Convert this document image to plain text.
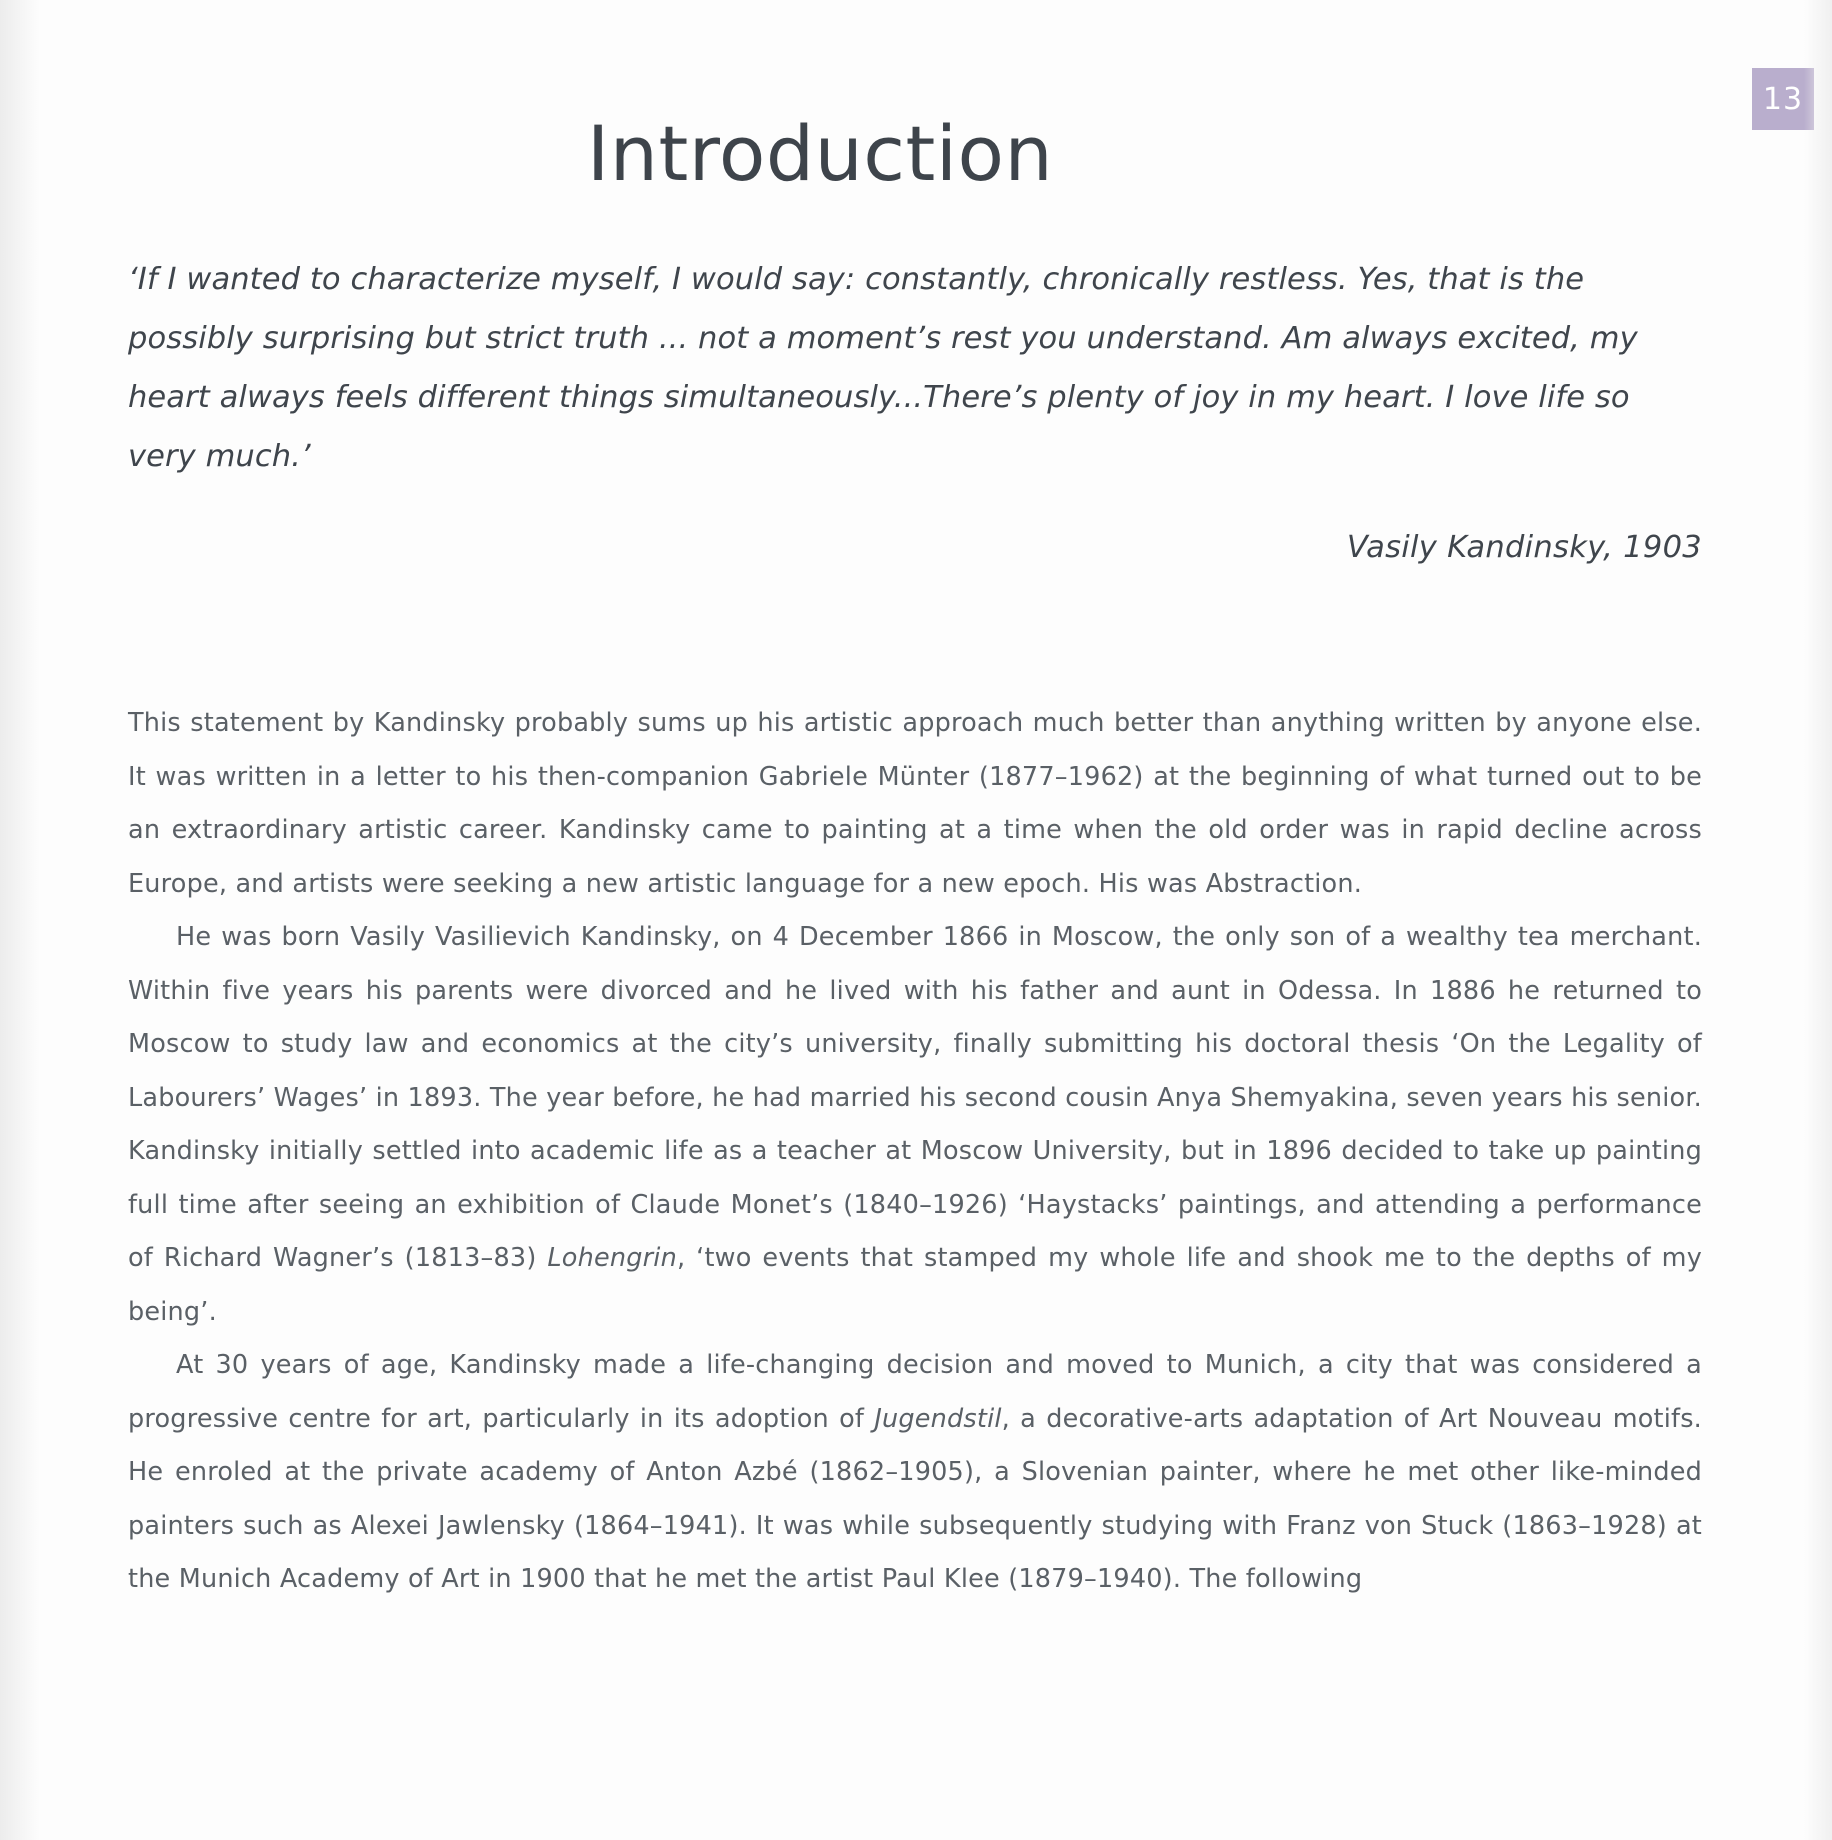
13
Introduction
‘If I wanted to characterize myself, I would say: constantly, chronically restless. Yes, that is the possibly surprising but strict truth ... not a moment’s rest you understand. Am always excited, my heart always feels different things simultaneously...There’s plenty of joy in my heart. I love life so very much.’
Vasily Kandinsky, 1903

This statement by Kandinsky probably sums up his artistic approach much better than anything written by anyone else. It was written in a letter to his then-companion Gabriele Münter (1877–1962) at the beginning of what turned out to be an extraordinary artistic career. Kandinsky came to painting at a time when the old order was in rapid decline across Europe, and artists were seeking a new artistic language for a new epoch. His was Abstraction.

He was born Vasily Vasilievich Kandinsky, on 4 December 1866 in Moscow, the only son of a wealthy tea merchant. Within five years his parents were divorced and he lived with his father and aunt in Odessa. In 1886 he returned to Moscow to study law and economics at the city’s university, finally submitting his doctoral thesis ‘On the Legality of Labourers’ Wages’ in 1893. The year before, he had married his second cousin Anya Shemyakina, seven years his senior. Kandinsky initially settled into academic life as a teacher at Moscow University, but in 1896 decided to take up painting full time after seeing an exhibition of Claude Monet’s (1840–1926) ‘Haystacks’ paintings, and attending a performance of Richard Wagner’s (1813–83) Lohengrin, ‘two events that stamped my whole life and shook me to the depths of my being’.

At 30 years of age, Kandinsky made a life-changing decision and moved to Munich, a city that was considered a progressive centre for art, particularly in its adoption of Jugendstil, a decorative-arts adaptation of Art Nouveau motifs. He enroled at the private academy of Anton Azbé (1862–1905), a Slovenian painter, where he met other like-minded painters such as Alexei Jawlensky (1864–1941). It was while subsequently studying with Franz von Stuck (1863–1928) at the Munich Academy of Art in 1900 that he met the artist Paul Klee (1879–1940). The following
